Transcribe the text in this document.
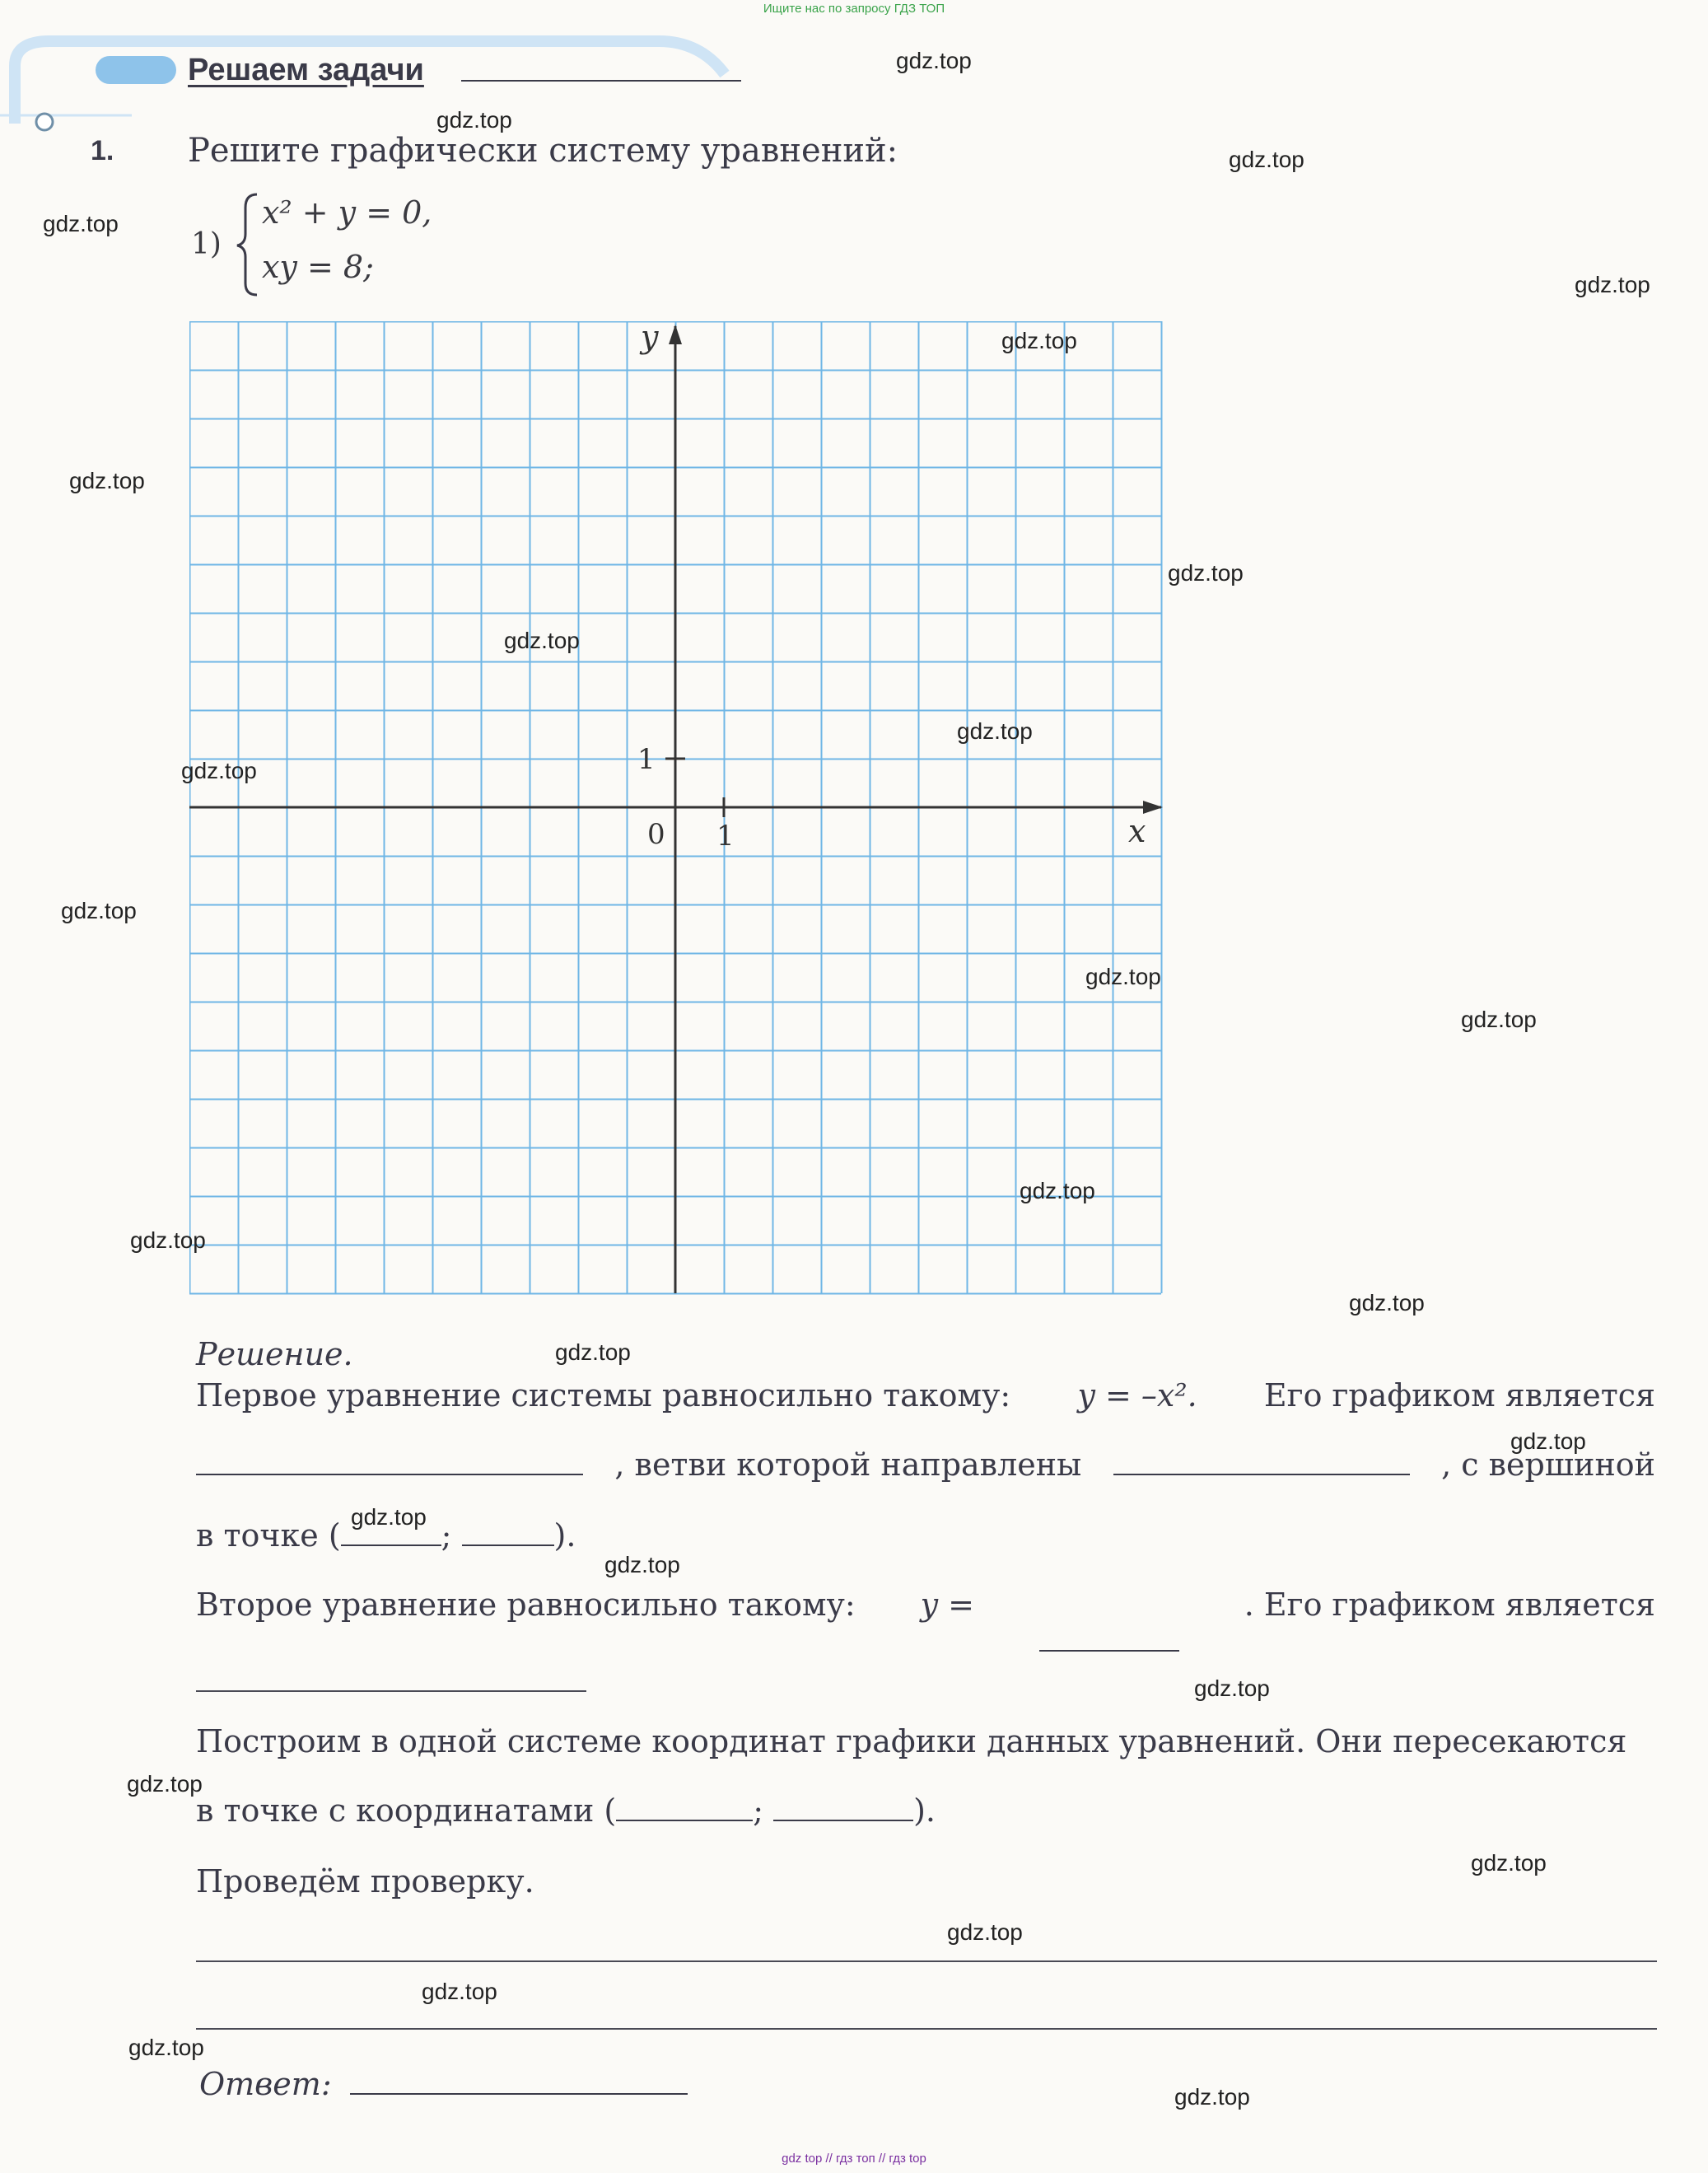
Ищите нас по запросу ГДЗ ТОП
Решаем задачи
1. Решите графически систему уравнений:
1)
x² + y = 0,
xy = 8;
y
x
0 1
1
Решение.
Первое уравнение системы равносильно такому: y = –x². Его графиком является
, ветви которой направлены	, с вершиной
в точке (	;	).
Второе уравнение равносильно такому: y =	. Его графиком является
Построим в одной системе координат графики данных уравнений. Они пересекаются
в точке с координатами (	;	).
Проведём проверку.
Ответ:
gdz.top
gdz.top
gdz.top
gdz.top
gdz.top
gdz.top
gdz.top
gdz.top
gdz.top
gdz.top
gdz.top
gdz.top
gdz.top
gdz.top
gdz.top
gdz.top
gdz.top
gdz.top
gdz.top
gdz.top
gdz.top
gdz.top
gdz.top
gdz.top
gdz.top
gdz.top
gdz.top
gdz.top
gdz top // гдз топ // гдз top
